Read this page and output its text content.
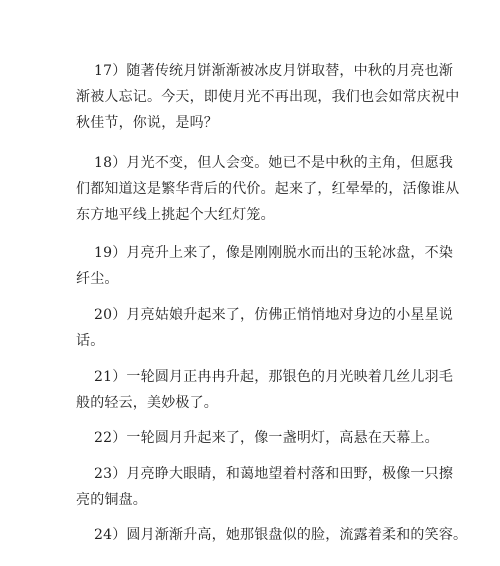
17）随著传统月饼渐渐被冰皮月饼取替，中秋的月亮也渐
渐被人忘记。今天，即使月光不再出现，我们也会如常庆祝中
秋佳节，你说，是吗？

18）月光不变，但人会变。她已不是中秋的主角，但愿我
们都知道这是繁华背后的代价。起来了，红晕晕的，活像谁从
东方地平线上挑起个大红灯笼。

19）月亮升上来了，像是刚刚脱水而出的玉轮冰盘，不染
纤尘。

20）月亮姑娘升起来了，仿佛正悄悄地对身边的小星星说
话。

21）一轮圆月正冉冉升起，那银色的月光映着几丝儿羽毛
般的轻云，美妙极了。

22）一轮圆月升起来了，像一盏明灯，高悬在天幕上。

23）月亮睁大眼睛，和蔼地望着村落和田野，极像一只擦
亮的铜盘。

24）圆月渐渐升高，她那银盘似的脸，流露着柔和的笑容。
